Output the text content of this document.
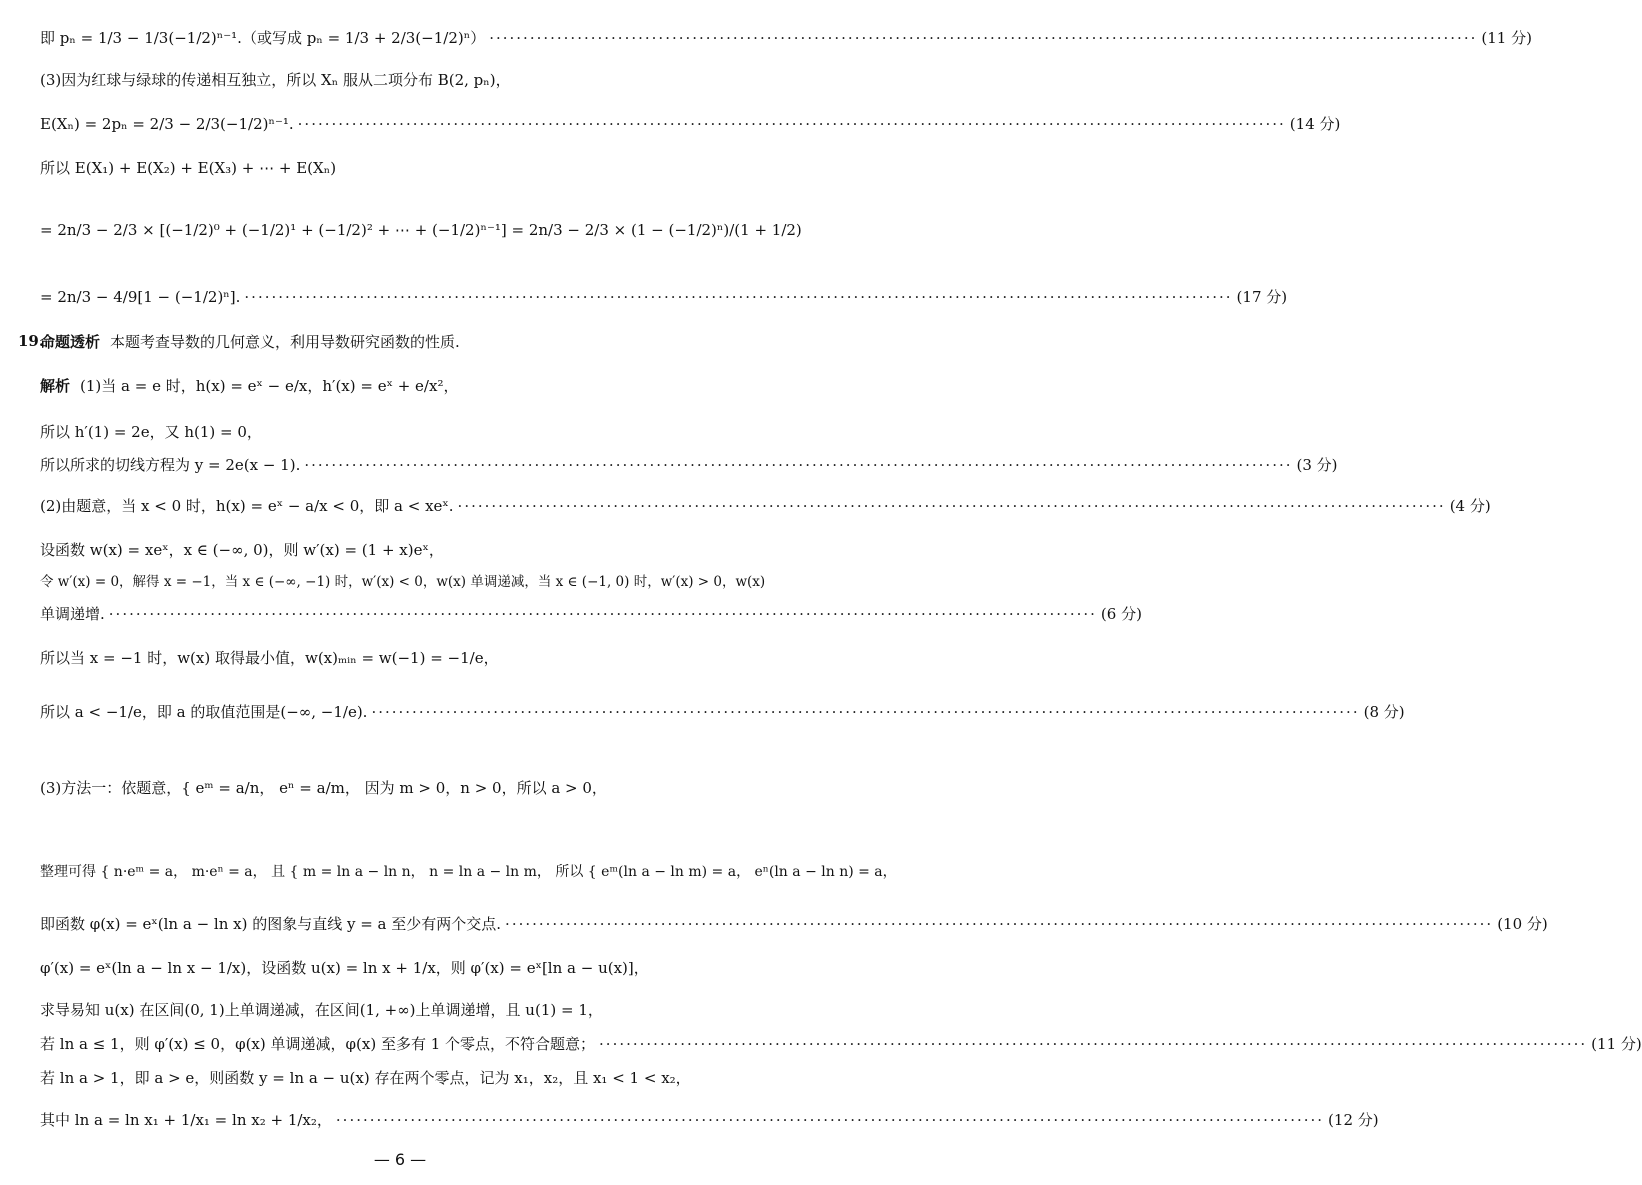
即 pₙ = 1/3 − 1/3(−1/2)ⁿ⁻¹.（或写成 pₙ = 1/3 + 2/3(−1/2)ⁿ） ·····	(11 分)
(3)因为红球与绿球的传递相互独立，所以 Xₙ 服从二项分布 B(2, pₙ)，
E(Xₙ) = 2pₙ = 2/3 − 2/3(−1/2)ⁿ⁻¹. ·····	(14 分)
所以 E(X₁) + E(X₂) + E(X₃) + ⋯ + E(Xₙ)
= 2n/3 − 2/3 × [(−1/2)⁰ + (−1/2)¹ + (−1/2)² + ⋯ + (−1/2)ⁿ⁻¹] = 2n/3 − 2/3 × (1 − (−1/2)ⁿ)/(1 + 1/2)
= 2n/3 − 4/9[1 − (−1/2)ⁿ]. ·····	(17 分)
19.
命题透析 本题考查导数的几何意义，利用导数研究函数的性质.
解析 (1)当 a = e 时，h(x) = eˣ − e/x，h′(x) = eˣ + e/x²，
所以 h′(1) = 2e，又 h(1) = 0，
所以所求的切线方程为 y = 2e(x − 1). ·····	(3 分)
(2)由题意，当 x < 0 时，h(x) = eˣ − a/x < 0，即 a < xeˣ. ·····	(4 分)
设函数 w(x) = xeˣ，x ∈ (−∞, 0)，则 w′(x) = (1 + x)eˣ，
令 w′(x) = 0，解得 x = −1，当 x ∈ (−∞, −1) 时，w′(x) < 0，w(x) 单调递减，当 x ∈ (−1, 0) 时，w′(x) > 0，w(x)
单调递增. ·····	(6 分)
所以当 x = −1 时，w(x) 取得最小值，w(x)ₘᵢₙ = w(−1) = −1/e，
所以 a < −1/e，即 a 的取值范围是(−∞, −1/e). ·····	(8 分)
(3)方法一：依题意，{ eᵐ = a/n， eⁿ = a/m， 因为 m > 0，n > 0，所以 a > 0，
整理可得 { n·eᵐ = a， m·eⁿ = a， 且 { m = ln a − ln n， n = ln a − ln m， 所以 { eᵐ(ln a − ln m) = a， eⁿ(ln a − ln n) = a，
即函数 φ(x) = eˣ(ln a − ln x) 的图象与直线 y = a 至少有两个交点. ·····	(10 分)
φ′(x) = eˣ(ln a − ln x − 1/x)，设函数 u(x) = ln x + 1/x，则 φ′(x) = eˣ[ln a − u(x)]，
求导易知 u(x) 在区间(0, 1)上单调递减，在区间(1, +∞)上单调递增，且 u(1) = 1，
若 ln a ≤ 1，则 φ′(x) ≤ 0，φ(x) 单调递减，φ(x) 至多有 1 个零点，不符合题意； ·····	(11 分)
若 ln a > 1，即 a > e，则函数 y = ln a − u(x) 存在两个零点，记为 x₁，x₂，且 x₁ < 1 < x₂，
其中 ln a = ln x₁ + 1/x₁ = ln x₂ + 1/x₂， ·····	(12 分)
— 6 —
